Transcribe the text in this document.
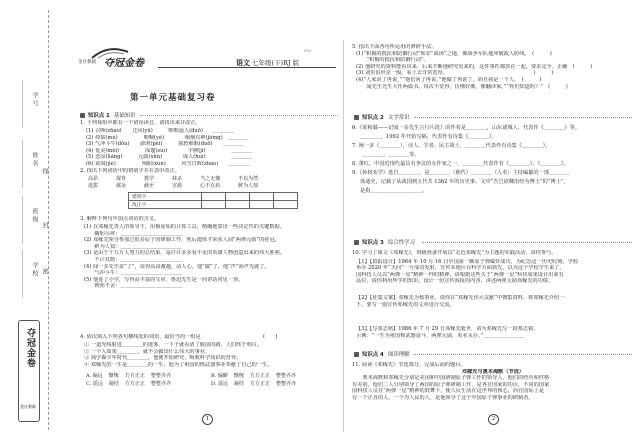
学号
姓名
线
班级
封
学校 密
夺冠金卷
金社教辅
金社教辅 夺冠金卷	语文 七年级(下)RJ 版
002
第一单元基础复习卷
知识点 1 基础知识
1. 下列每组中都有一个错误读音，请找出来并改正。
(1) 召唤(zhào)　　迂回(yū)　　　咄咄逼人(duō)　　＿＿＿＿
(2) 仰慕(mù)　　　　　哽咽(yè)　　　　炯炯有神(jiǒng)　＿＿＿＿
(3) 气冲斗牛(dǒu)　　澎湃(péi)　　　探愁难眠(duō)　　＿＿＿＿
(4) 优美(měi)　　　　　深邃(suì)　　　　丰腴(jǐ)　　　　　＿＿＿＿
(5) 悲凉(liáng)　　　元勋(xūn)　　　　诲人(huì)　　　　　＿＿＿＿
(6) 衰竭(jié)　　　　　殉职(xún)　　　风雪日晖(zhào)　　＿＿＿＿
2. 找出下列词语中的错别字并在表中改正。
高昂	探背	教学	抹杀	当之无愧	不以为然
选拔	郝金	截至	宣源	心不在焉	鲜为人知
错别字				
改正字				
3. 解释下列句中加点词语的含义。
(1) 在邓稼先等人的领导下，用极原始的计算工具，精确地算出一些决定性的关键数据。
　　鞠躬尽瘁：＿＿＿＿＿＿＿＿＿＿＿＿
(2) 邓稼先领导参加过很多原子的研制工作，死后遗体才荣获人间“两弹元勋”的桂冠。
　　鲜为人知：＿＿＿＿＿＿＿＿＿＿＿＿
(3) 是由于千万万人努力的总结果，是许许多多看不见的英雄人物创造出来的伟大胜利。
　　不计其数：＿＿＿＿＿＿＿＿＿＿＿＿
(4) 闻一多先生说“了”，说得高昂激越，动人心，他“做”了，他“声”而声先就了。
　　气冲斗牛：＿＿＿＿＿＿＿＿＿＿＿＿
(5) 他进了小学，写得高丰富的文章，鲁迅先生是一向讲话常见一顶。
　　锲而不舍：＿＿＿＿＿＿＿＿＿＿＿＿
4. 依次填入下列各句横线处的词语，最恰当的一组是　　　　　　　　　　　　(　　)
① 一道光线射进＿＿＿＿的迷雾，一下子就看清了眼前的路，人们终于明白。
② 一个人如果＿＿＿＿，就不会做出什么伟大的事业。
③ 钱学森少年时代＿＿＿＿，他便开始研究、吸收科学知识的营养。
④ 邓稼先的一生是＿＿＿＿的一生，他为了祖国的核武器事业奉献了自己的一生。
A. 偏远 惭愧 方方正正 整整齐齐	B. 偏僻 惭愧 方方正正 整整齐齐
C. 遥远 凝结 方方正正 整整齐齐	D. 遥远 凝结 方方正正 整整齐齐
1
5. 指出下面各句所运用的修辞手法。
(1)“积极的抵抗和防御行动”和非“战场”之地，像战争军队地冲破敌人防线。　(　　　)
　　“积极的抵抗和防御行动”。
(2) 他研究的资料能看出来，后来不断地研究出来的，这件事件都放在一起，要求完全、正确　(　　　)
(3) 刘伯伯坦克一般，看上去非常宽厚。　　　　　　　　　　　　　　　　　(　　　)
(4)“人家说了再说，”“他们问了再说，”他做了再说了，而且我是一个人。　(　　　)
　　闻先生先生大作两篇书，每次不觉得，仿佛好像，像翻译家，”“你们知道吗？”　(　　　)
知识点 2 文学常识
6.《说和做——记闻一多先生言行片段》的作者是＿＿＿＿，山东诸城人，代表作《＿＿＿＿》等。
＿＿＿＿，1992 年开始写稿，代表作有诗集《＿＿＿＿》。
7. 阐一多（＿＿＿＿），诗人、学者、民主战士，＿＿＿＿代表作有诗集《＿＿＿＿》，
　　＿＿＿＿、＿＿＿＿等。
8. 萧红，中国近现代最具有争议的女作家之一，＿＿＿＿代表作有《＿＿＿＿》、《＿＿＿＿》。
9.《孙权劝学》选自＿＿＿＿，是＿＿＿＿（朝代）＿＿＿＿（人名）主持编纂的一部＿＿＿＿
体通史，记载了从战国到五代共 1362 年的历史事。文中“吾岂欲卿治经为博士”的“博士”，
是指＿＿＿＿＿＿＿＿＿＿。
知识点 3 综合性学习
10. 学习了课文《邓稼先》，班级准备开展以“走近邓稼先”为主题的实践活动，请你参与。
【1】【拟报设计】1964 年 10 月 16 日中国第一颗原子弹爆炸成功，为纪念这一历史时刻，学校
举办 2020 年“天问”一号成功发射，宣传本地区在科学方面领先，以为这个学校学生来了，
国科技人员以“两弹一星”精神一样的精神。请根据这些关于“两弹一星”科技成果设计出来有
品位，请你利用所学的知识，设计一份宣传海报的内容，讲述两弹元勋邓稼先的功绩。
【2】【征集文案】邓稼先为核事业，请你在“邓稼先伟大贡献”中搜集资料，将邓稼先介绍一
下，要写一篇宣传邓稼先的文章进行交流。
【3】【写墓志铭】1986 年 7 月 29 日邓稼先逝世，请为邓稼先写一段墓志铭。
示例：“一生为祖国核武器奋斗，两弹元勋，英名永存。”＿＿＿＿＿＿＿＿
知识点 4 阅读理解
11. 阅读《邓稼先》节选部分，完成后面的题目。
邓稼先与奥本海默（节选）
　　奥本海默和邓稼先分别是美国和中国研制原子弹工作的领导人，他们的经历和性格
有差别，他们二人分别领导了两国的原子弹研制工作，是各自国家的功臣，不同的国家
国科技人员在“两弹一星”精神的鼓舞下，使人民生活在这世界的核心，而在国际上是
有一个正直的人，一个为人民的人，是他领导了这个中国原子弹事业的研制者。
2
